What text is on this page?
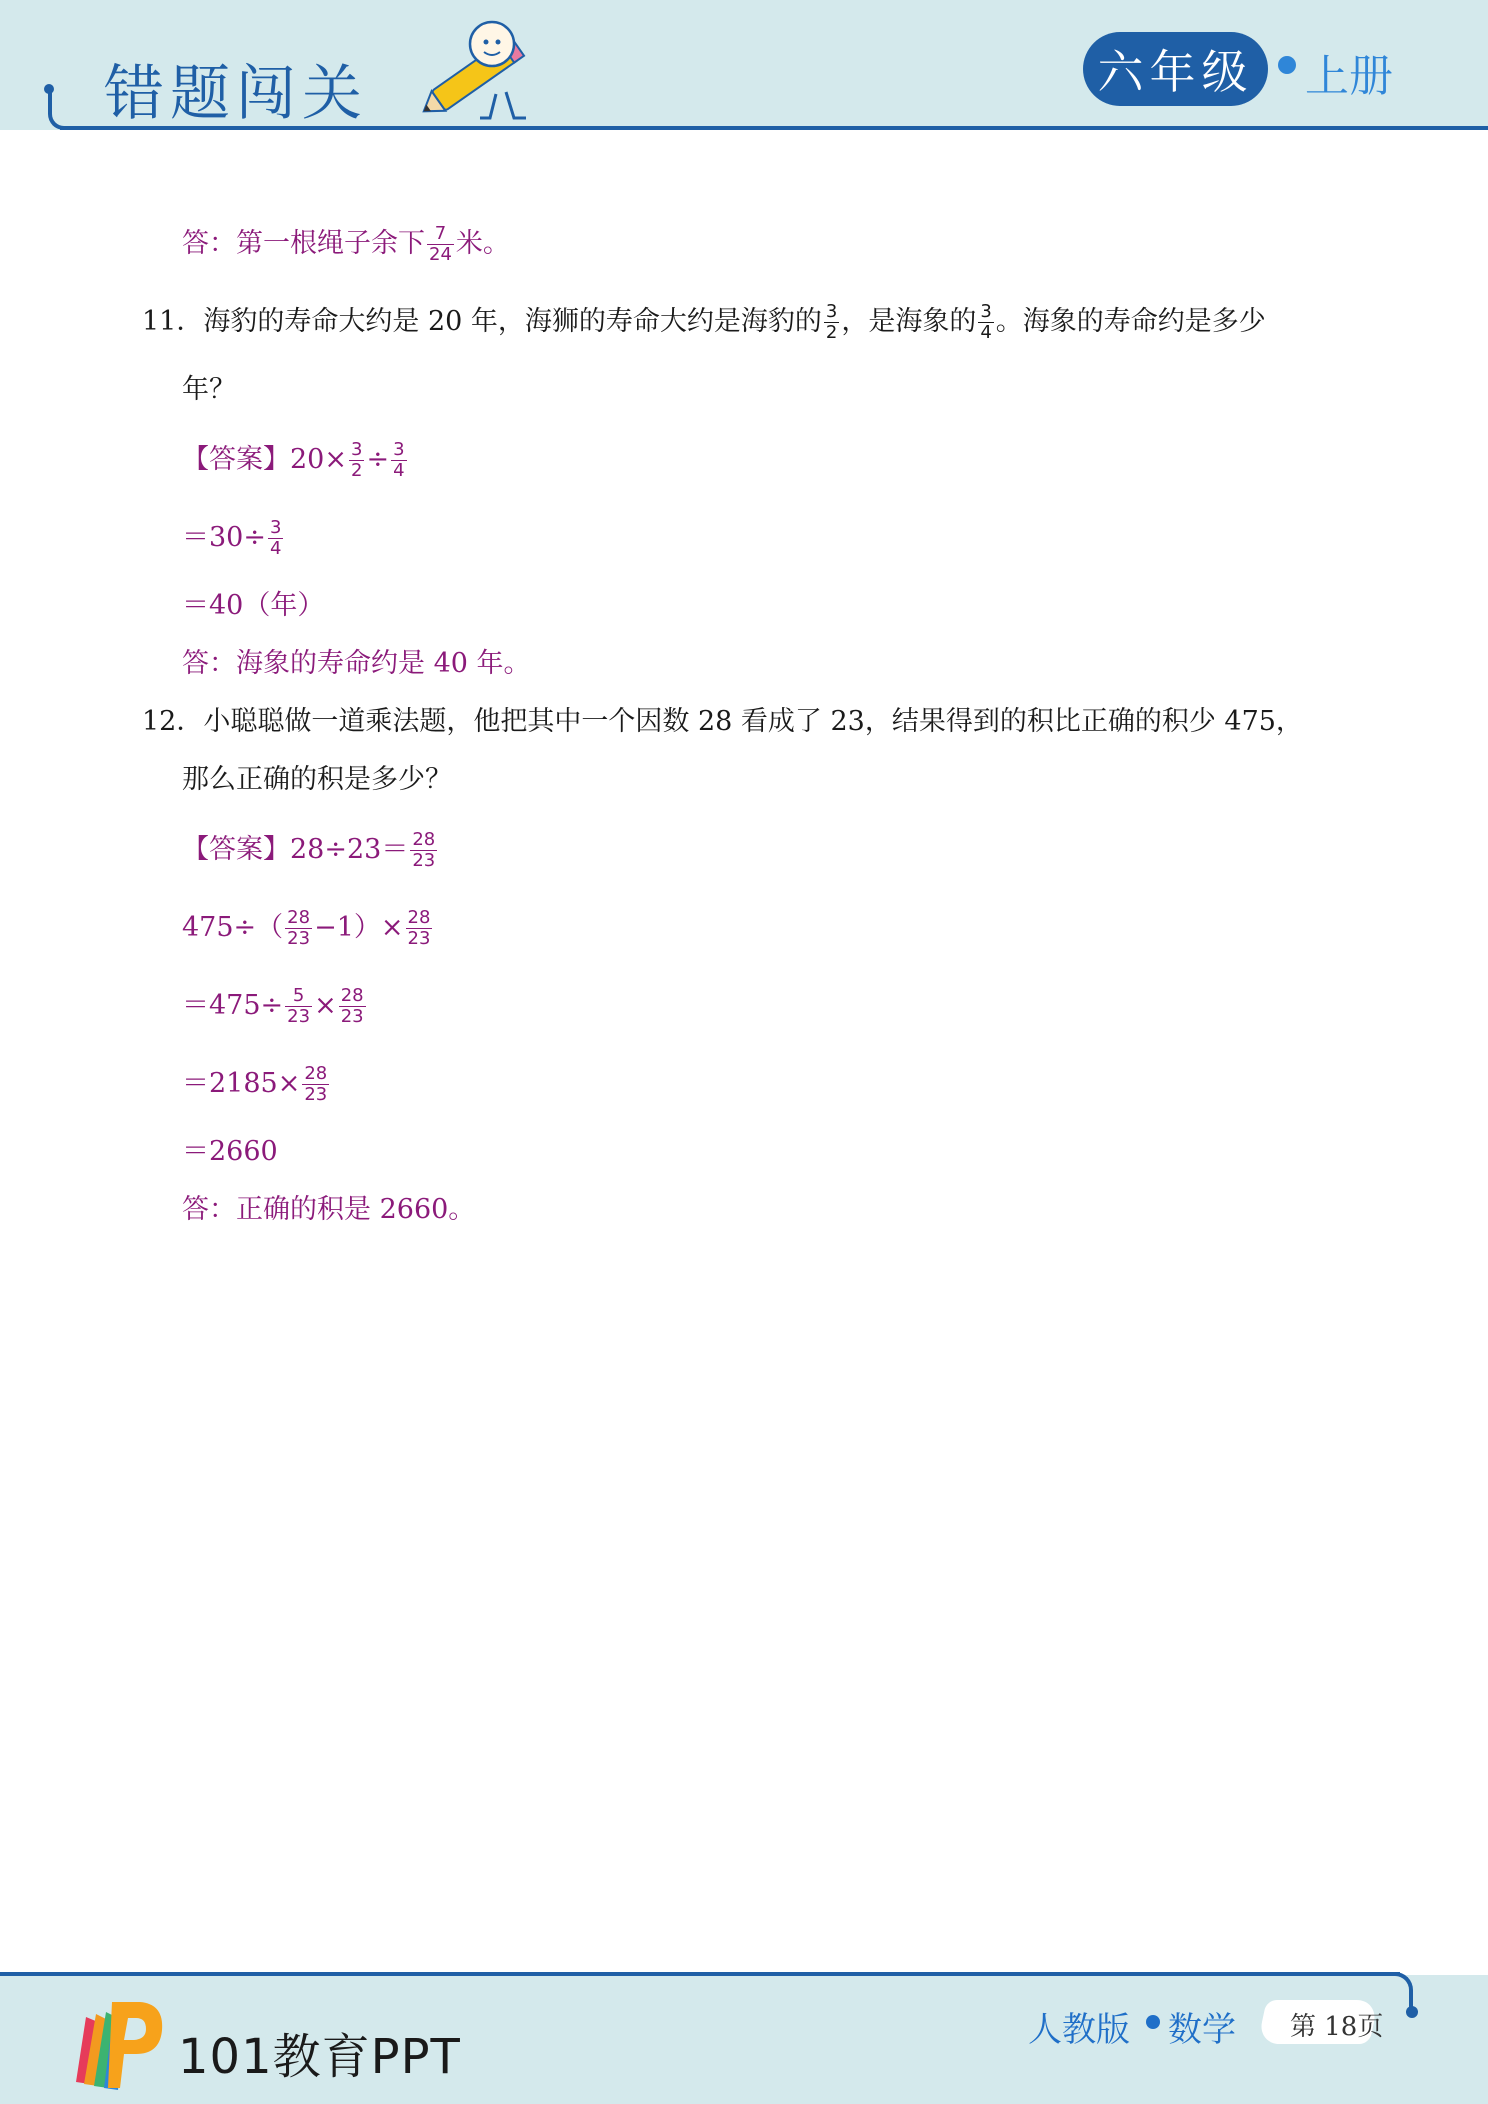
错题闯关	六年级 上册
答：第一根绳子余下 $\frac{7}{24}$ 米。
11．海豹的寿命大约是 20 年，海狮的寿命大约是海豹的 $\frac{3}{2}$ ，是海象的 $\frac{3}{4}$ 。海象的寿命约是多少
年？
【答案】$20\times \frac{3}{2} \div \frac{3}{4}$
$=30\div \frac{3}{4}$
＝40（年）
答：海象的寿命约是 40 年。
12．小聪聪做一道乘法题，他把其中一个因数 28 看成了 23，结果得到的积比正确的积少 475，
那么正确的积是多少？
【答案】$28\div 23= \frac{28}{23}$
$475\div( \frac{28}{23} -1)\times \frac{28}{23}$
$=475\div \frac{5}{23} \times \frac{28}{23}$
$=2185\times \frac{28}{23}$
＝2660
答：正确的积是 2660。
101教育PPT	人教版 数学 第 18页
